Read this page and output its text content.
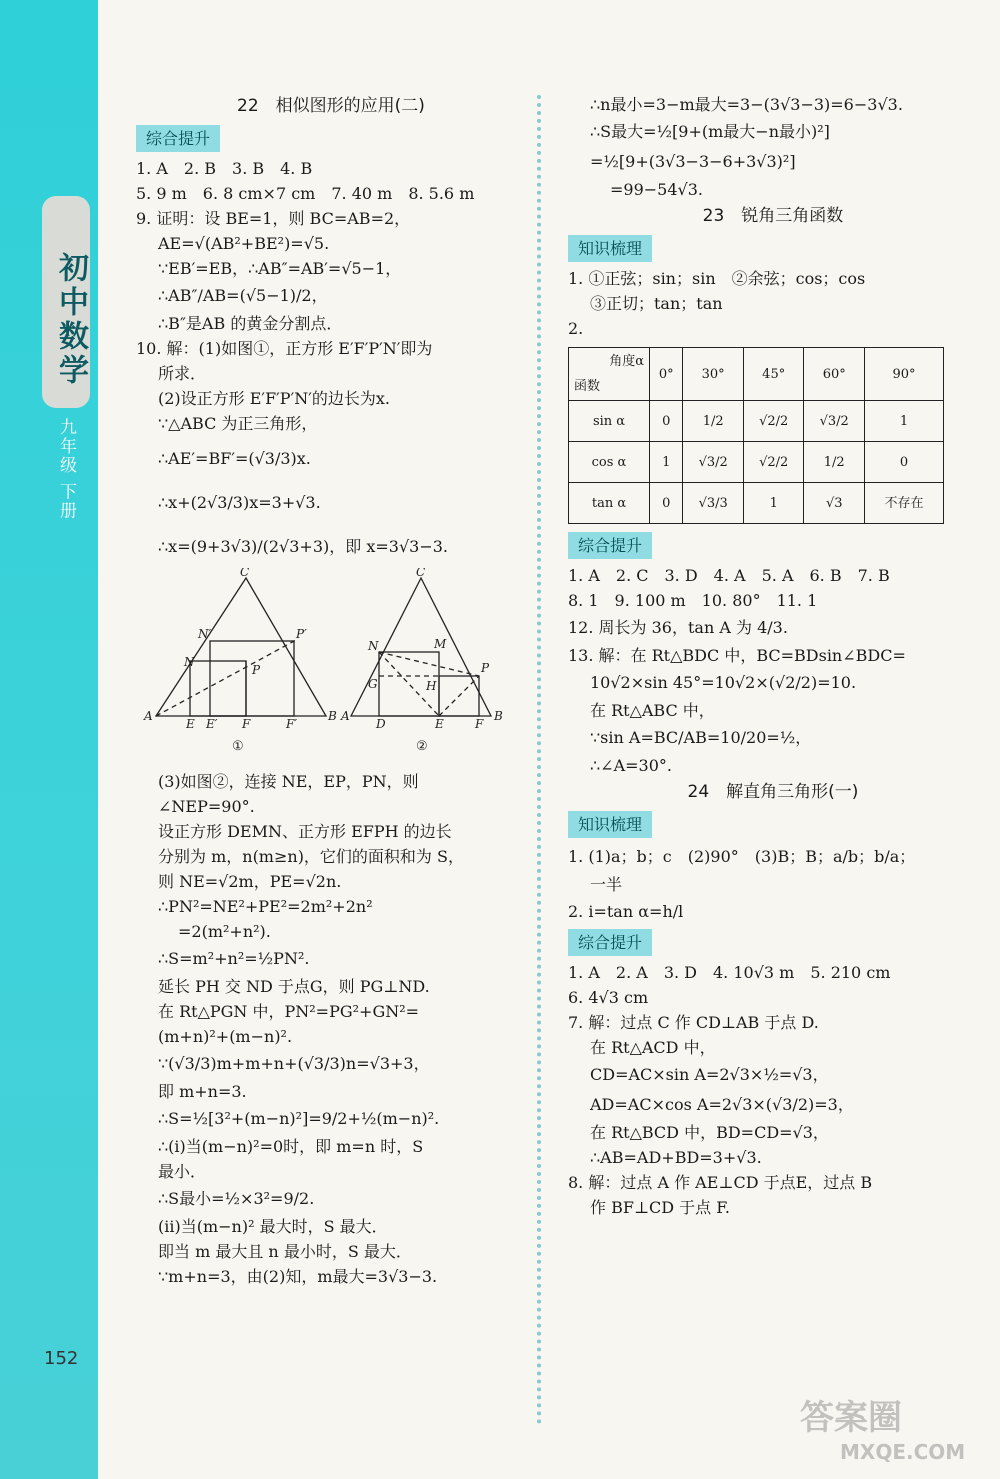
初中数学
九年级 下册
152
22　相似图形的应用(二)
综合提升
1. A　2. B　3. B　4. B
5. 9 m　6. 8 cm×7 cm　7. 40 m　8. 5.6 m
9. 证明：设 BE=1，则 BC=AB=2，
AE=√(AB²+BE²)=√5.
∵EB′=EB，∴AB″=AB′=√5−1，
∴AB″/AB=(√5−1)/2，
∴B″是AB 的黄金分割点．
10. 解：(1)如图①，正方形 E′F′P′N′即为
所求．
(2)设正方形 E′F′P′N′的边长为x.
∵△ABC 为正三角形，
∴AE′=BF′=(√3/3)x.
∴x+(2√3/3)x=3+√3.
∴x=(9+3√3)/(2√3+3)，即 x=3√3−3.
C
A	B
N′	P′
N
P
E E′ F	F′
C
A	B
N	M
P
G	H
D	E	F
①	②
(3)如图②，连接 NE，EP，PN，则
∠NEP=90°.
设正方形 DEMN、正方形 EFPH 的边长
分别为 m，n(m≥n)，它们的面积和为 S，
则 NE=√2m，PE=√2n.
∴PN²=NE²+PE²=2m²+2n²
=2(m²+n²).
∴S=m²+n²=½PN².
延长 PH 交 ND 于点G，则 PG⊥ND.
在 Rt△PGN 中，PN²=PG²+GN²=
(m+n)²+(m−n)².
∵(√3/3)m+m+n+(√3/3)n=√3+3，
即 m+n=3.
∴S=½[3²+(m−n)²]=9/2+½(m−n)².
∴(ⅰ)当(m−n)²=0时，即 m=n 时，S
最小．
∴S最小=½×3²=9/2.
(ⅱ)当(m−n)² 最大时，S 最大．
即当 m 最大且 n 最小时，S 最大．
∵m+n=3，由(2)知，m最大=3√3−3.
∴n最小=3−m最大=3−(3√3−3)=6−3√3.
∴S最大=½[9+(m最大−n最小)²]
=½[9+(3√3−3−6+3√3)²]
=99−54√3.
23　锐角三角函数
知识梳理
1. ①正弦；sin；sin　②余弦；cos；cos
③正切；tan；tan
2.
角度α
函数	0°	30°	45°	60°	90°
sin α	0	1/2	√2/2	√3/2	1
cos α	1	√3/2	√2/2	1/2	0
tan α	0	√3/3	1	√3	不存在
综合提升
1. A　2. C　3. D　4. A　5. A　6. B　7. B
8. 1　9. 100 m　10. 80°　11. 1
12. 周长为 36，tan A 为 4/3.
13. 解：在 Rt△BDC 中，BC=BDsin∠BDC=
10√2×sin 45°=10√2×(√2/2)=10.
在 Rt△ABC 中，
∵sin A=BC/AB=10/20=½，
∴∠A=30°.
24　解直角三角形(一)
知识梳理
1. (1)a；b；c　(2)90°　(3)B；B；a/b；b/a；
一半
2. i=tan α=h/l
综合提升
1. A　2. A　3. D　4. 10√3 m　5. 210 cm
6. 4√3 cm
7. 解：过点 C 作 CD⊥AB 于点 D.
在 Rt△ACD 中，
CD=AC×sin A=2√3×½=√3，
AD=AC×cos A=2√3×(√3/2)=3，
在 Rt△BCD 中，BD=CD=√3，
∴AB=AD+BD=3+√3.
8. 解：过点 A 作 AE⊥CD 于点E，过点 B
作 BF⊥CD 于点 F.
答案圈
MXQE.COM
